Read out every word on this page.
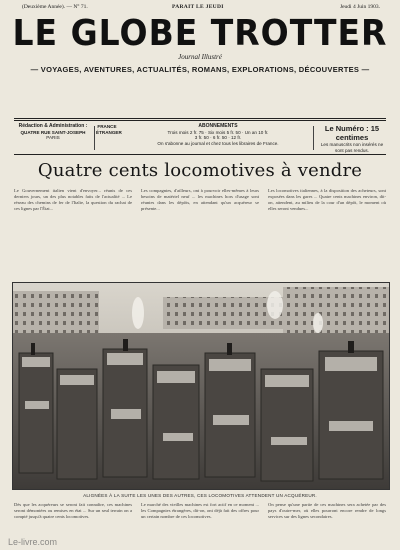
(Deuxième Année). — N° 71.	PARAIT LE JEUDI	Jeudi 4 Juin 1903.
LE GLOBE TROTTER
Journal Illustré
— VOYAGES, AVENTURES, ACTUALITÉS, ROMANS, EXPLORATIONS, DÉCOUVERTES —
Rédaction & Administration :
QUATRE RUE SAINT-JOSEPH
PARIS
FRANCE ÉTRANGER
ABONNEMENTS
Trois mois 2 fr. 75 · Six mois 5 fr. 50 · Un an 10 fr.
3 fr. 50 · 6 fr. 50 · 12 fr.
On s'abonne au journal et chez tous les libraires de France.
Le Numéro : 15 centimes
Les manuscrits non insérés ne sont pas rendus.
Quatre cents locomotives à vendre

Le Gouvernement italien vient d'envoyer... réunis de ces derniers jours, un des plus notables faits de l'actualité ... Le réseau des chemins de fer de l'Italie, la question du rachat de ces lignes par l'État...

Les compagnies, d'ailleurs, ont à pourvoir elles-mêmes à leurs besoins de matériel neuf ... les machines hors d'usage sont réunies dans les dépôts, en attendant qu'un acquéreur se présente...

Les locomotives italiennes, à la disposition des acheteurs, sont exposées dans les gares ... Quatre cents machines environ, dit-on, attendent, au milieu de la cour d'un dépôt, le moment où elles seront vendues...

ALIGNÉES À LA SUITE LES UNES DES AUTRES, CES LOCOMOTIVES ATTENDENT UN ACQUÉREUR.

Dès que les acquéreurs se seront fait connaître, ces machines seront démontées ou remises en état ... Sur un seul terrain on a compté jusqu'à quatre cents locomotives.

Le marché des vieilles machines est fort actif en ce moment ... les Compagnies étrangères, dit-on, ont déjà fait des offres pour un certain nombre de ces locomotives.

On pense qu'une partie de ces machines sera achetée par des pays d'outre-mer, où elles pourront encore rendre de longs services sur des lignes secondaires.

Le-livre.com
